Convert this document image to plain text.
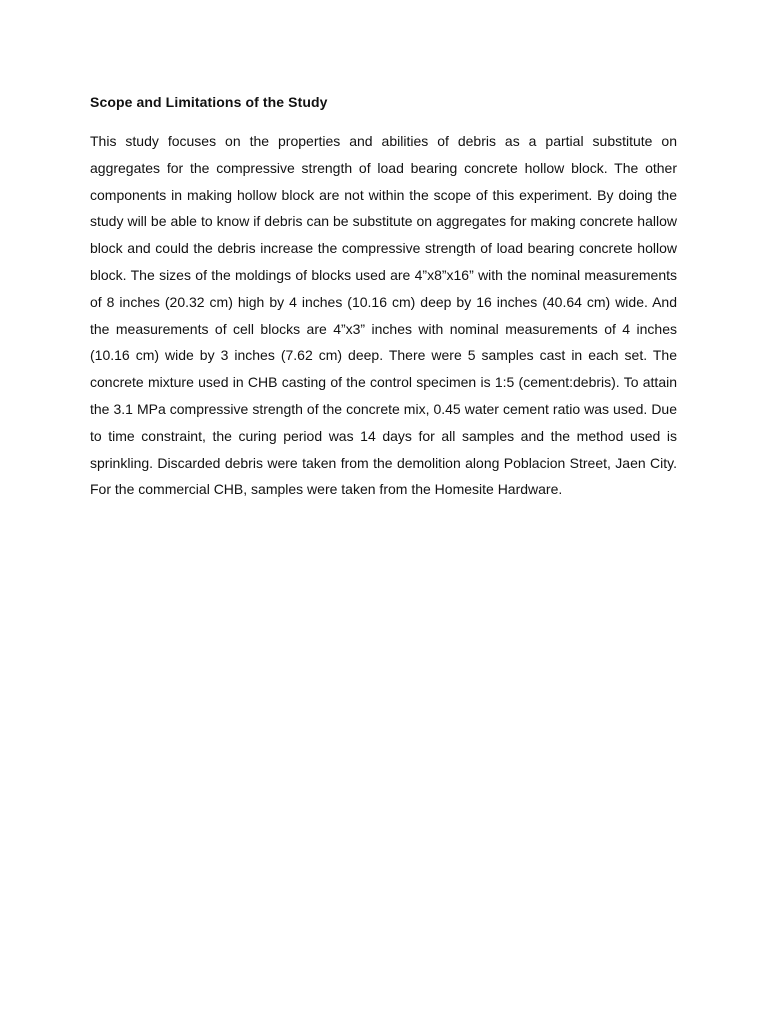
Scope and Limitations of the Study

This study focuses on the properties and abilities of debris as a partial substitute on aggregates for the compressive strength of load bearing concrete hollow block. The other components in making hollow block are not within the scope of this experiment. By doing the study will be able to know if debris can be substitute on aggregates for making concrete hallow block and could the debris increase the compressive strength of load bearing concrete hollow block. The sizes of the moldings of blocks used are 4”x8”x16” with the nominal measurements of 8 inches (20.32 cm) high by 4 inches (10.16 cm) deep by 16 inches (40.64 cm) wide. And the measurements of cell blocks are 4”x3” inches with nominal measurements of 4 inches (10.16 cm) wide by 3 inches (7.62 cm) deep. There were 5 samples cast in each set. The concrete mixture used in CHB casting of the control specimen is 1:5 (cement:debris). To attain the 3.1 MPa compressive strength of the concrete mix, 0.45 water cement ratio was used. Due to time constraint, the curing period was 14 days for all samples and the method used is sprinkling. Discarded debris were taken from the demolition along Poblacion Street, Jaen City. For the commercial CHB, samples were taken from the Homesite Hardware.
